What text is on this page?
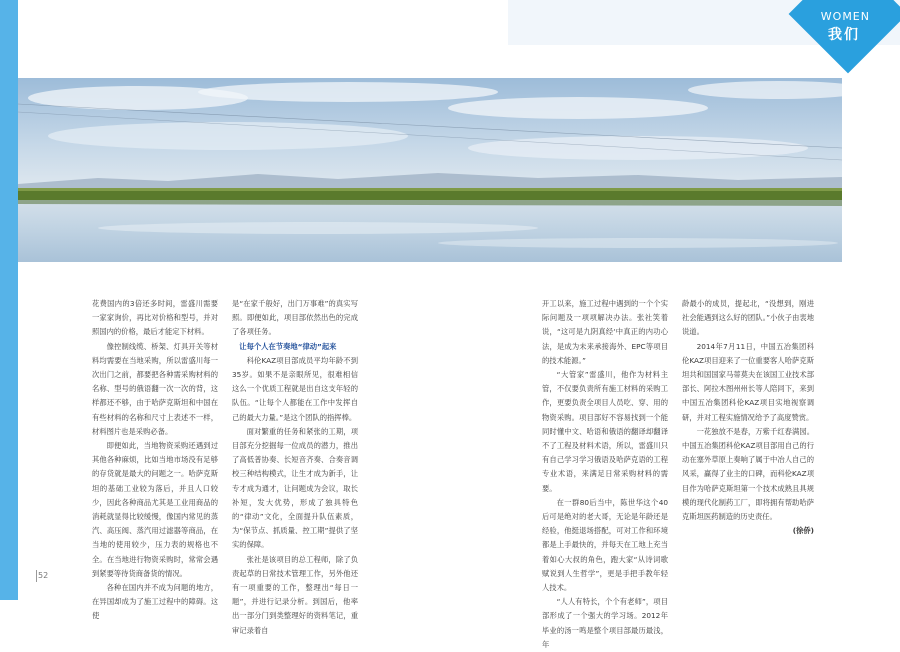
52
WOMEN
我们

花费国内的3倍还多时间，雷盛川需要一家家询价，再比对价格和型号，并对照国内的价格，最后才能定下材料。

像控制线缆、桥架、灯具开关等材料均需要在当地采购，所以雷盛川每一次出门之前，都要把各种需采购材料的名称、型号的俄语翻一次一次的背，这样都还不够，由于哈萨克斯坦和中国在有些材料的名称和尺寸上表述不一样，材料图片也是采购必备。

即便如此，当地物资采购还遇到过其他各种麻烦，比如当地市场没有足够的存货就是最大的问题之一。哈萨克斯坦的基础工业较为落后，并且人口较少，因此各种商品尤其是工业用商品的消耗就显得比较缓慢，像国内常见的蒸汽、高压阀、蒸汽用过滤器等商品，在当地的使用较少，压力表的规格也不全。在当地进行物资采购时，常常会遇到紧要等待货商备货的情况。

各种在国内并不成为问题的地方，在异国却成为了施工过程中的障碍。这使

是“在家千般好，出门万事难”的真实写照。即便如此，项目部依然出色的完成了各项任务。

让每个人在节奏地“律动”起来

科伦KAZ项目部成员平均年龄不到35岁。如果不是亲眼所见，很难相信这么一个优质工程就是出自这支年轻的队伍。“让每个人都能在工作中发挥自己的最大力量。”是这个团队的指挥棒。

面对繁重的任务和紧张的工期，项目部充分挖掘每一位成员的潜力，推出了高低普协奏、长短音齐奏、合奏音调校三种结构模式，让生才成为新手，让专才成为通才，让问题成为会议，取长补短，发大优势，形成了独具特色的“律动”文化，全面提升队伍素质，为“保节点、抓质量、控工期”提供了坚实的保障。

张社是该项目的总工程师，除了负责起草的日常技术管理工作，另外他还有一项重要的工作，整理出“每日一题”，并进行记录分析。到国后，他率出一部分门到类整理好的资料笔记，重审记录着自

开工以来，施工过程中遇到的一个个实际问题及一项项解决办法。张社笑着说，“这可是九阴真经‘中真正的内功心法，是成为未来承接海外、EPC等项目的技术能源。”

“大管家”雷盛川，他作为材料主管，不仅要负责所有施工材料的采购工作，更要负责全项目人员吃、穿、用的物资采购。项目部好不容易找到一个能同时懂中文、哈语和俄语的翻译却翻译不了工程及材料术语，所以，雷盛川只有自己学习学习俄语及哈萨克语的工程专业术语，来满足日常采购材料的需要。

在一群80后当中，陈世华这个40后可是绝对的老大哥，无论是年龄还是经验，他挺退场搭配，可对工作和环境都是上手最快的，并每天在工地上充当着如心大叔的角色，跑大家“从诗词歌赋说到人生哲学”，更是手把手教年轻人技术。

“人人有特长，个个有老师”，项目部形成了一个强大的学习场。2012年毕业的汤一鸣是整个项目部最历最浅，年

龄最小的成员，提起北，“没想到，刚进社会能遇到这么好的团队。”小伙子由衷地说道。

2014年7月11日，中国五冶集团科伦KAZ项目迎来了一位重要客人哈萨克斯坦共和国国家马蒂莫夫在该国工业技术部部长、阿拉木图州州长等人陪同下，来到中国五冶集团科伦KAZ项目实地视察调研，并对工程实施情况给予了高度赞赏。

一花独放不是春，万紫千红春满园。中国五冶集团科伦KAZ项目部用自己的行动在塞外草原上奏响了属于中冶人自己的风采，赢得了业主的口碑，而科伦KAZ项目作为哈萨克斯坦第一个技术成熟且具规模的现代化制药工厂，即将拥有帮助哈萨克斯坦医药制造的历史责任。

(徐侨)
